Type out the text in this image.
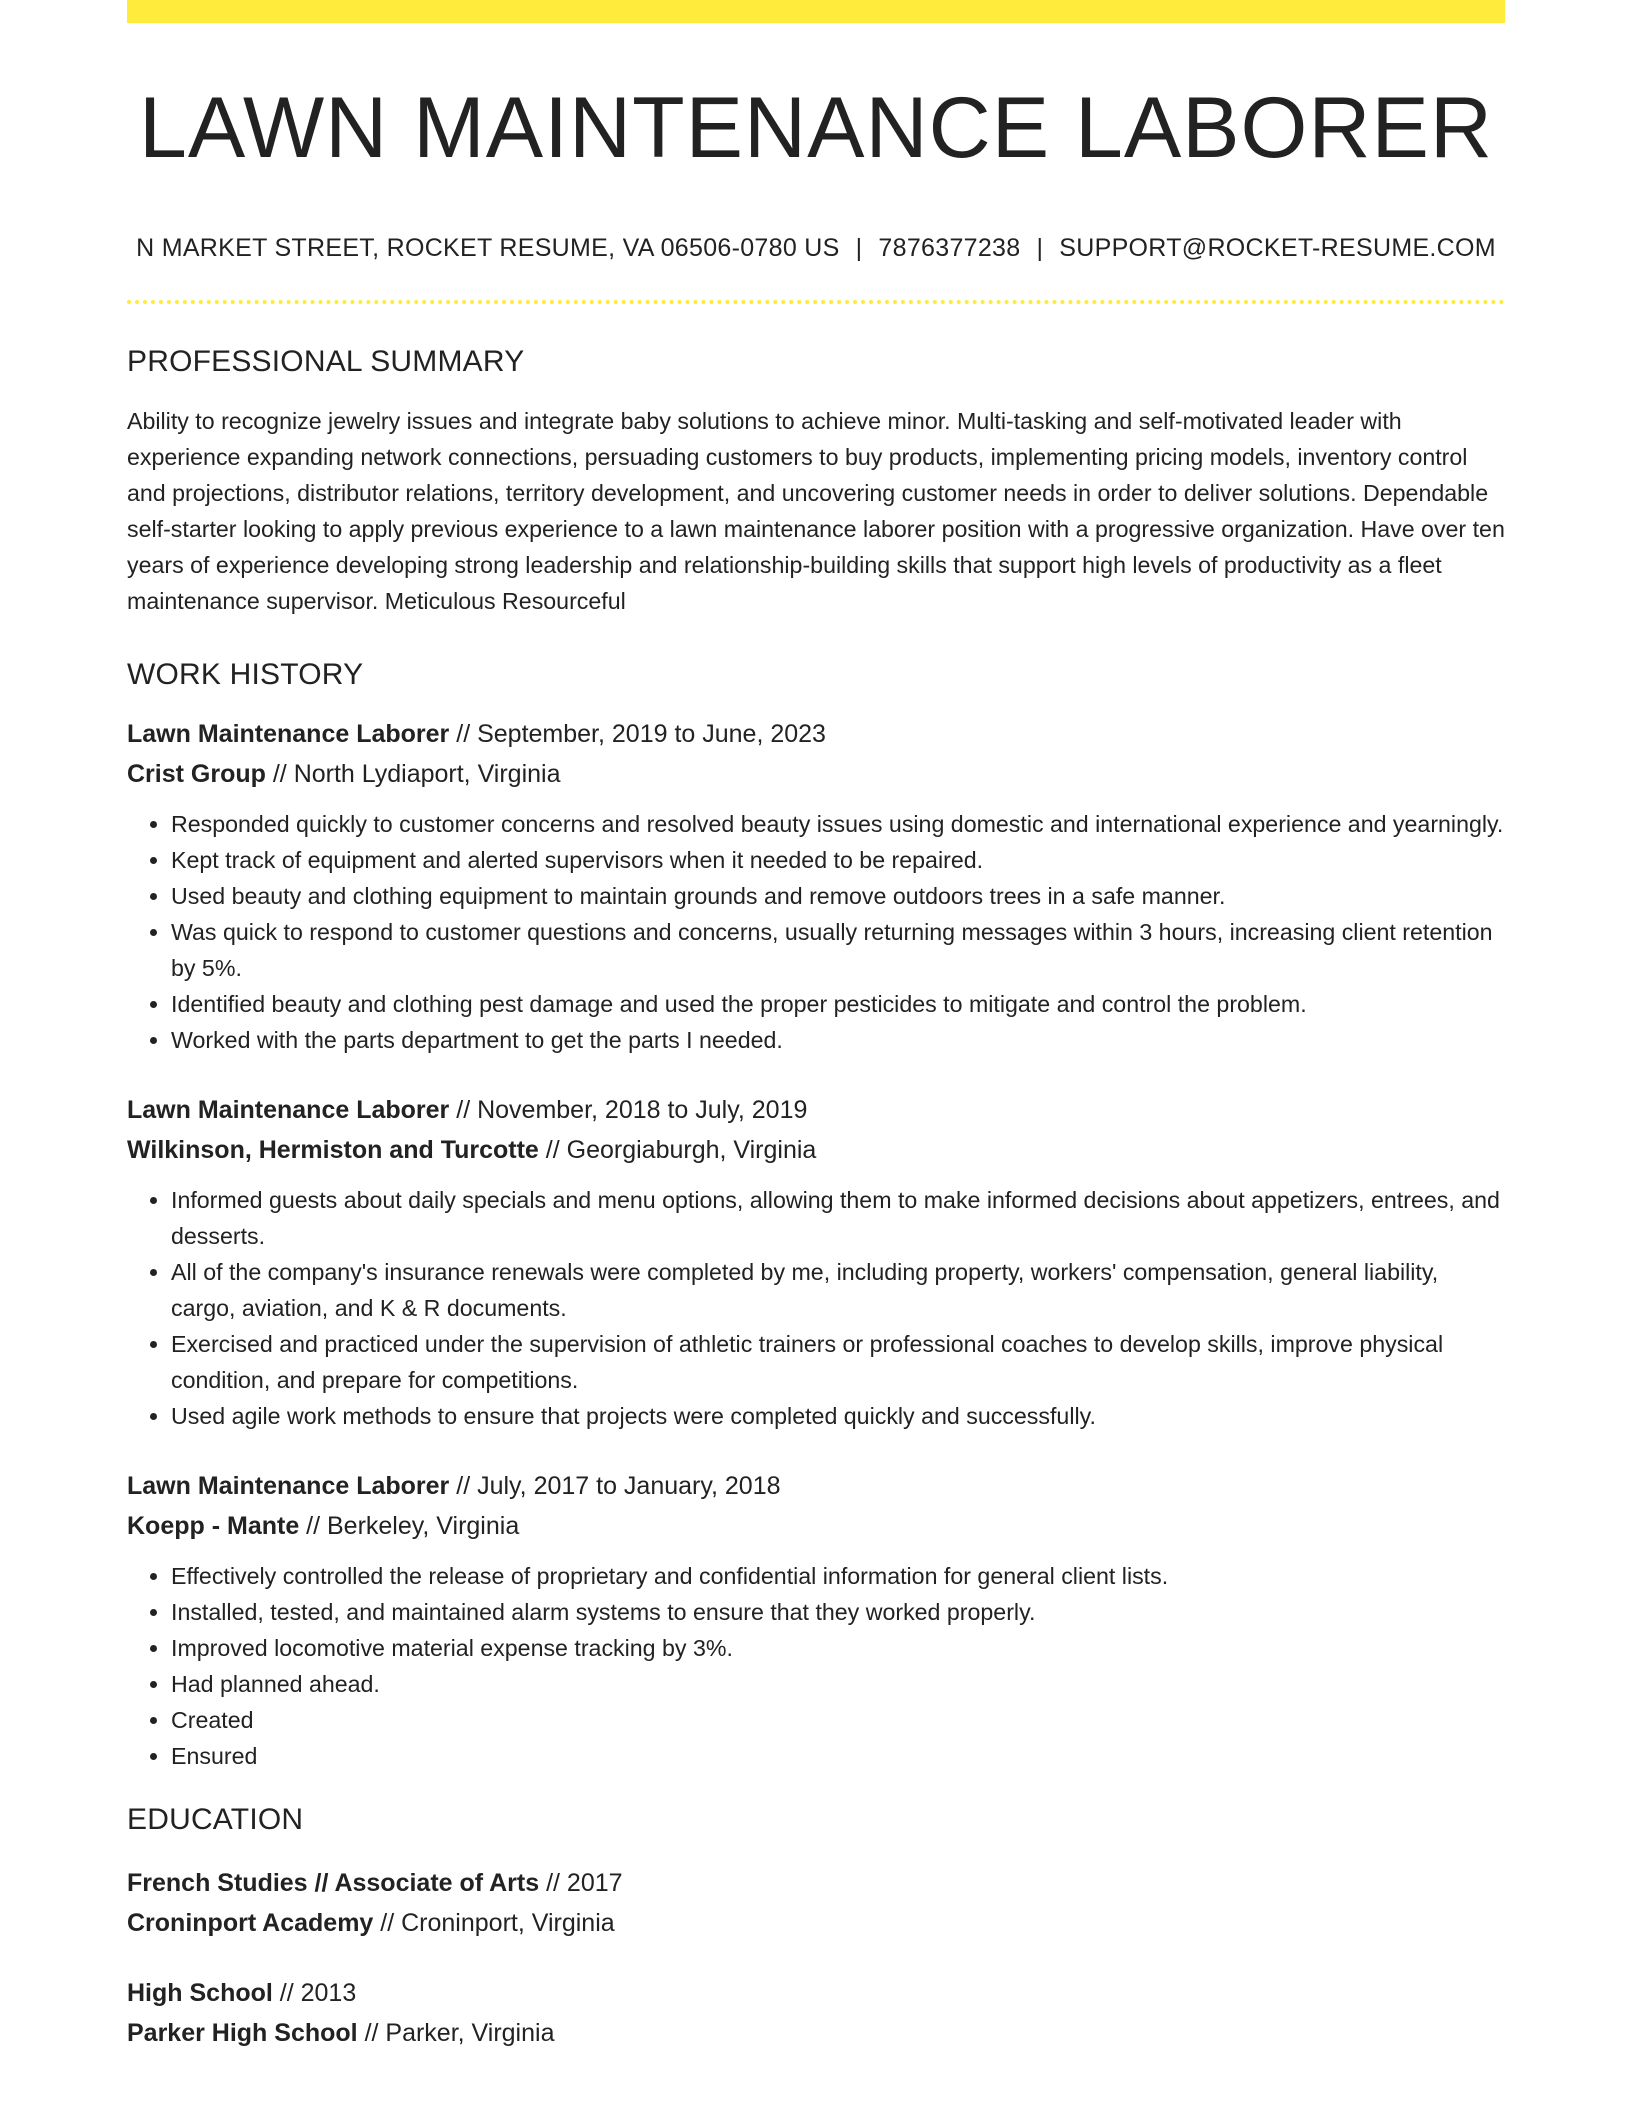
LAWN MAINTENANCE LABORER
N MARKET STREET, ROCKET RESUME, VA 06506-0780 US | 7876377238 | SUPPORT@ROCKET-RESUME.COM
PROFESSIONAL SUMMARY

Ability to recognize jewelry issues and integrate baby solutions to achieve minor. Multi-tasking and self-motivated leader with experience expanding network connections, persuading customers to buy products, implementing pricing models, inventory control and projections, distributor relations, territory development, and uncovering customer needs in order to deliver solutions. Dependable self-starter looking to apply previous experience to a lawn maintenance laborer position with a progressive organization. Have over ten years of experience developing strong leadership and relationship-building skills that support high levels of productivity as a fleet maintenance supervisor. Meticulous Resourceful

WORK HISTORY
Lawn Maintenance Laborer // September, 2019 to June, 2023
Crist Group // North Lydiaport, Virginia
• Responded quickly to customer concerns and resolved beauty issues using domestic and international experience and yearningly.
• Kept track of equipment and alerted supervisors when it needed to be repaired.
• Used beauty and clothing equipment to maintain grounds and remove outdoors trees in a safe manner.
• Was quick to respond to customer questions and concerns, usually returning messages within 3 hours, increasing client retention by 5%.
• Identified beauty and clothing pest damage and used the proper pesticides to mitigate and control the problem.
• Worked with the parts department to get the parts I needed.
Lawn Maintenance Laborer // November, 2018 to July, 2019
Wilkinson, Hermiston and Turcotte // Georgiaburgh, Virginia
• Informed guests about daily specials and menu options, allowing them to make informed decisions about appetizers, entrees, and desserts.
• All of the company's insurance renewals were completed by me, including property, workers' compensation, general liability, cargo, aviation, and K & R documents.
• Exercised and practiced under the supervision of athletic trainers or professional coaches to develop skills, improve physical condition, and prepare for competitions.
• Used agile work methods to ensure that projects were completed quickly and successfully.
Lawn Maintenance Laborer // July, 2017 to January, 2018
Koepp - Mante // Berkeley, Virginia
• Effectively controlled the release of proprietary and confidential information for general client lists.
• Installed, tested, and maintained alarm systems to ensure that they worked properly.
• Improved locomotive material expense tracking by 3%.
• Had planned ahead.
• Created
• Ensured
EDUCATION
French Studies // Associate of Arts // 2017
Croninport Academy // Croninport, Virginia
High School // 2013
Parker High School // Parker, Virginia
